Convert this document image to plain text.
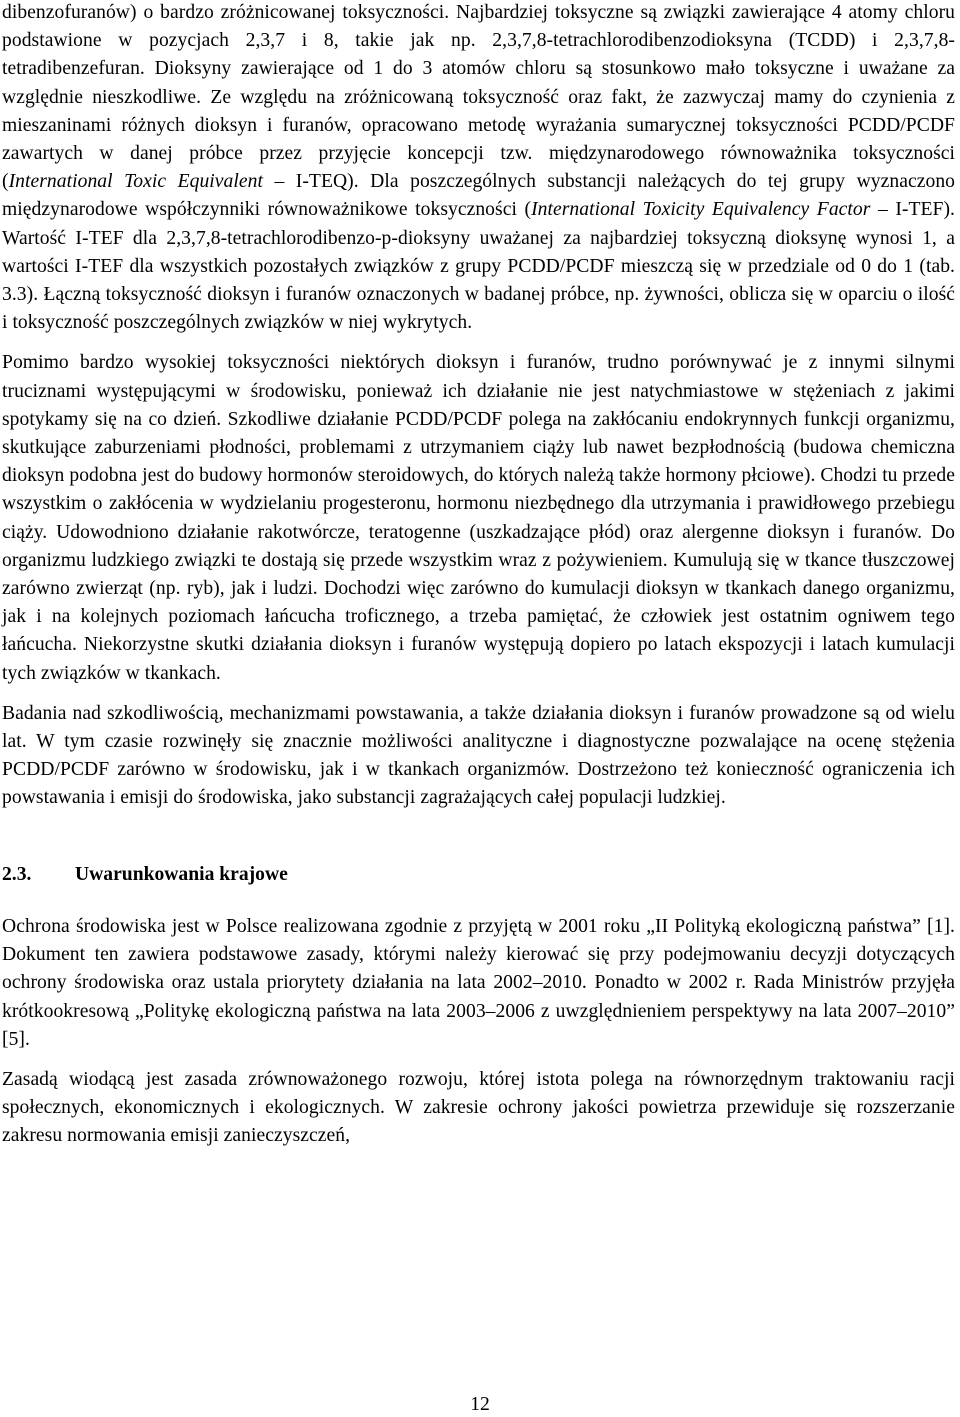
dibenzofuranów) o bardzo zróżnicowanej toksyczności. Najbardziej toksyczne są związki zawierające 4 atomy chloru podstawione w pozycjach 2,3,7 i 8, takie jak np. 2,3,7,8-tetrachlorodibenzodioksyna (TCDD) i 2,3,7,8-tetradibenzefuran. Dioksyny zawierające od 1 do 3 atomów chloru są stosunkowo mało toksyczne i uważane za względnie nieszkodliwe. Ze względu na zróżnicowaną toksyczność oraz fakt, że zazwyczaj mamy do czynienia z mieszaninami różnych dioksyn i furanów, opracowano metodę wyrażania sumarycznej toksyczności PCDD/PCDF zawartych w danej próbce przez przyjęcie koncepcji tzw. międzynarodowego równoważnika toksyczności (International Toxic Equivalent – I-TEQ). Dla poszczególnych substancji należących do tej grupy wyznaczono międzynarodowe współczynniki równoważnikowe toksyczności (International Toxicity Equivalency Factor – I-TEF). Wartość I-TEF dla 2,3,7,8-tetrachlorodibenzo-p-dioksyny uważanej za najbardziej toksyczną dioksynę wynosi 1, a wartości I-TEF dla wszystkich pozostałych związków z grupy PCDD/PCDF mieszczą się w przedziale od 0 do 1 (tab. 3.3). Łączną toksyczność dioksyn i furanów oznaczonych w badanej próbce, np. żywności, oblicza się w oparciu o ilość i toksyczność poszczególnych związków w niej wykrytych.

Pomimo bardzo wysokiej toksyczności niektórych dioksyn i furanów, trudno porównywać je z innymi silnymi truciznami występującymi w środowisku, ponieważ ich działanie nie jest natychmiastowe w stężeniach z jakimi spotykamy się na co dzień. Szkodliwe działanie PCDD/PCDF polega na zakłócaniu endokrynnych funkcji organizmu, skutkujące zaburzeniami płodności, problemami z utrzymaniem ciąży lub nawet bezpłodnością (budowa chemiczna dioksyn podobna jest do budowy hormonów steroidowych, do których należą także hormony płciowe). Chodzi tu przede wszystkim o zakłócenia w wydzielaniu progesteronu, hormonu niezbędnego dla utrzymania i prawidłowego przebiegu ciąży. Udowodniono działanie rakotwórcze, teratogenne (uszkadzające płód) oraz alergenne dioksyn i furanów. Do organizmu ludzkiego związki te dostają się przede wszystkim wraz z pożywieniem. Kumulują się w tkance tłuszczowej zarówno zwierząt (np. ryb), jak i ludzi. Dochodzi więc zarówno do kumulacji dioksyn w tkankach danego organizmu, jak i na kolejnych poziomach łańcucha troficznego, a trzeba pamiętać, że człowiek jest ostatnim ogniwem tego łańcucha. Niekorzystne skutki działania dioksyn i furanów występują dopiero po latach ekspozycji i latach kumulacji tych związków w tkankach.

Badania nad szkodliwością, mechanizmami powstawania, a także działania dioksyn i furanów prowadzone są od wielu lat. W tym czasie rozwinęły się znacznie możliwości analityczne i diagnostyczne pozwalające na ocenę stężenia PCDD/PCDF zarówno w środowisku, jak i w tkankach organizmów. Dostrzeżono też konieczność ograniczenia ich powstawania i emisji do środowiska, jako substancji zagrażających całej populacji ludzkiej.

2.3.	Uwarunkowania krajowe

Ochrona środowiska jest w Polsce realizowana zgodnie z przyjętą w 2001 roku „II Polityką ekologiczną państwa” [1]. Dokument ten zawiera podstawowe zasady, którymi należy kierować się przy podejmowaniu decyzji dotyczących ochrony środowiska oraz ustala priorytety działania na lata 2002–2010. Ponadto w 2002 r. Rada Ministrów przyjęła krótkookresową „Politykę ekologiczną państwa na lata 2003–2006 z uwzględnieniem perspektywy na lata 2007–2010” [5].

Zasadą wiodącą jest zasada zrównoważonego rozwoju, której istota polega na równorzędnym traktowaniu racji społecznych, ekonomicznych i ekologicznych. W zakresie ochrony jakości powietrza przewiduje się rozszerzanie zakresu normowania emisji zanieczyszczeń,

12
